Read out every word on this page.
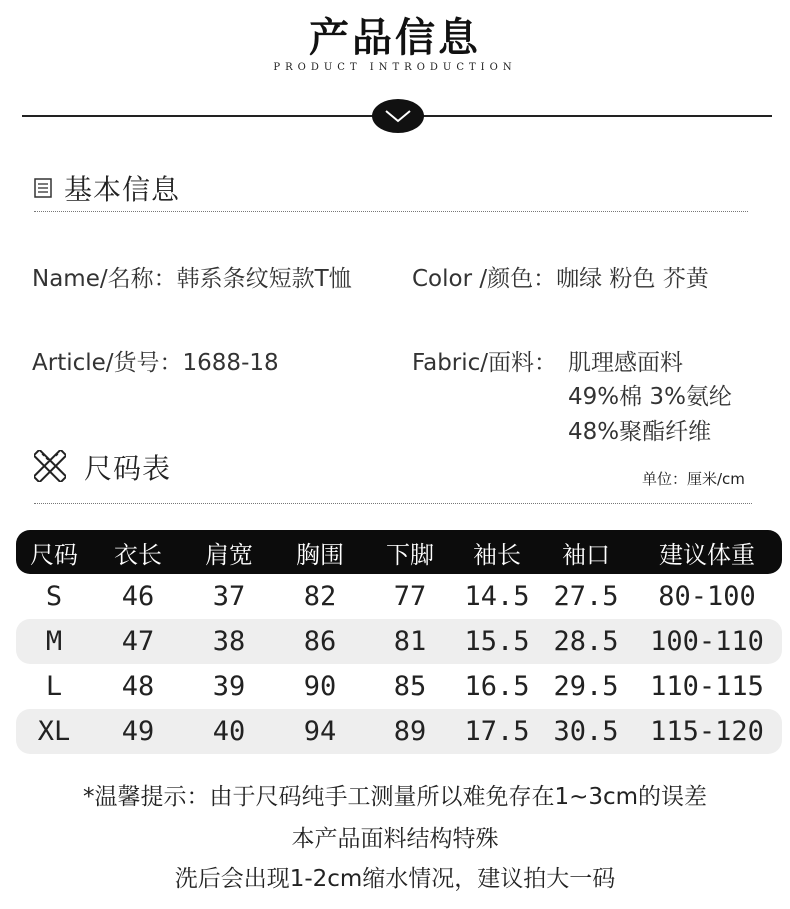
产品信息
PRODUCT INTRODUCTION
基本信息
Name/名称：韩系条纹短款T恤	Color /颜色：咖绿 粉色 芥黄
Article/货号：1688-18	Fabric/面料： 肌理感面料
49%棉 3%氨纶
48%聚酯纤维
尺码表	单位：厘米/cm
尺码	衣长	肩宽	胸围	下脚	袖长	袖口	建议体重
S	46	37	82	77	14.5 27.5	80-100
M	47	38	86	81	15.5 28.5	100-110
L	48	39	90	85	16.5 29.5	110-115
XL	49	40	94	89	17.5 30.5	115-120
*温馨提示：由于尺码纯手工测量所以难免存在1~3cm的误差
本产品面料结构特殊
洗后会出现1-2cm缩水情况，建议拍大一码
